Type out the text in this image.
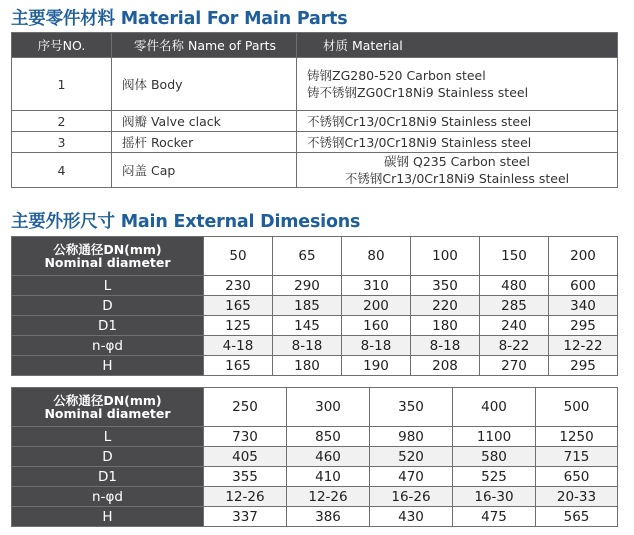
主要零件材料 Material For Main Parts
序号NO.	零件名称 Name of Parts	材质 Material
1	阀体 Body	铸钢ZG280-520 Carbon steel
铸不锈钢ZG0Cr18Ni9 Stainless steel

2	阀瓣 Valve clack	不锈钢Cr13/0Cr18Ni9 Stainless steel

3	摇杆 Rocker	不锈钢Cr13/0Cr18Ni9 Stainless steel

4	闷盖 Cap	碳钢 Q235 Carbon steel
不锈钢Cr13/0Cr18Ni9 Stainless steel
主要外形尺寸 Main External Dimesions
公称通径DN(mm)
Nominal diameter	50	65	80	100	150	200
L	230	290	310	350	480	600
D	165	185	200	220	285	340
D1	125	145	160	180	240	295
n-φd	4-18	8-18	8-18	8-18	8-22	12-22
H	165	180	190	208	270	295
公称通径DN(mm)
Nominal diameter	250	300	350	400	500
L	730	850	980	1100	1250
D	405	460	520	580	715
D1	355	410	470	525	650
n-φd	12-26	12-26	16-26	16-30	20-33
H	337	386	430	475	565
